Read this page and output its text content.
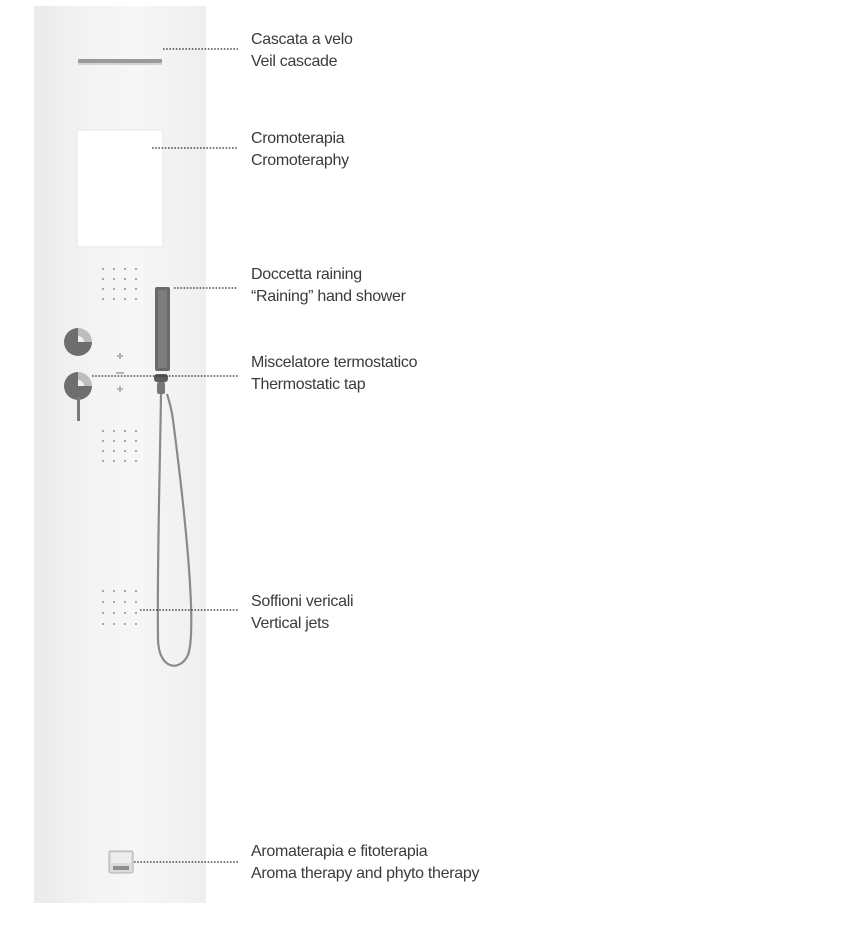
Cascata a velo
Veil cascade
Cromoterapia
Cromoteraphy
Doccetta raining
“Raining” hand shower
Miscelatore termostatico
Thermostatic tap
Soffioni vericali
Vertical jets
Aromaterapia e fitoterapia
Aroma therapy and phyto therapy
